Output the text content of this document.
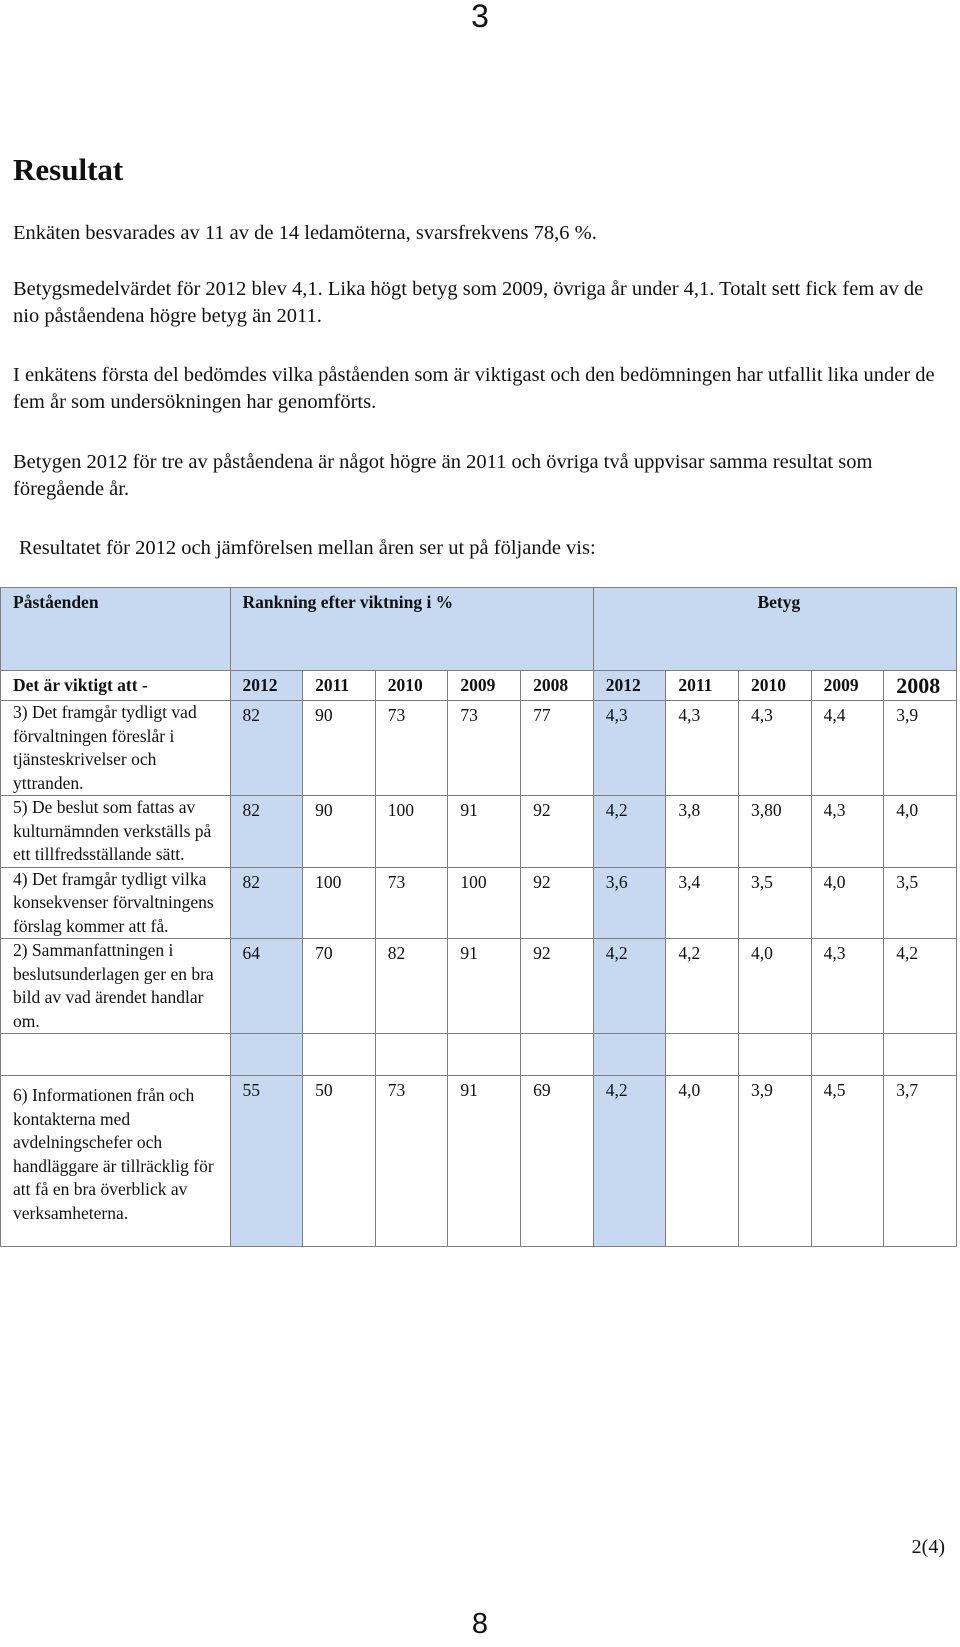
3
Resultat

Enkäten besvarades av 11 av de 14 ledamöterna, svarsfrekvens 78,6 %.

Betygsmedelvärdet för 2012 blev 4,1. Lika högt betyg som 2009, övriga år under 4,1. Totalt sett fick fem av de nio påståendena högre betyg än 2011.

I enkätens första del bedömdes vilka påståenden som är viktigast och den bedömningen har utfallit lika under de fem år som undersökningen har genomförts.

Betygen 2012 för tre av påståendena är något högre än 2011 och övriga två uppvisar samma resultat som föregående år.

Resultatet för 2012 och jämförelsen mellan åren ser ut på följande vis:

Påståenden	Rankning efter viktning i %					Betyg				
Det är viktigt att -	2012	2011	2010	2009	2008	2012	2011	2010	2009	2008
3) Det framgår tydligt vad förvaltningen föreslår i tjänsteskrivelser och yttranden.	82	90	73	73	77	4,3	4,3	4,3	4,4	3,9
5) De beslut som fattas av kulturnämnden verkställs på ett tillfredsställande sätt.	82	90	100	91	92	4,2	3,8	3,80	4,3	4,0
4) Det framgår tydligt vilka konsekvenser förvaltningens förslag kommer att få.	82	100	73	100	92	3,6	3,4	3,5	4,0	3,5
2) Sammanfattningen i beslutsunderlagen ger en bra bild av vad ärendet handlar om.	64	70	82	91	92	4,2	4,2	4,0	4,3	4,2

6) Informationen från och kontakterna med avdelningschefer och handläggare är tillräcklig för att få en bra överblick av verksamheterna.	55	50	73	91	69	4,2	4,0	3,9	4,5	3,7
2(4)
8
